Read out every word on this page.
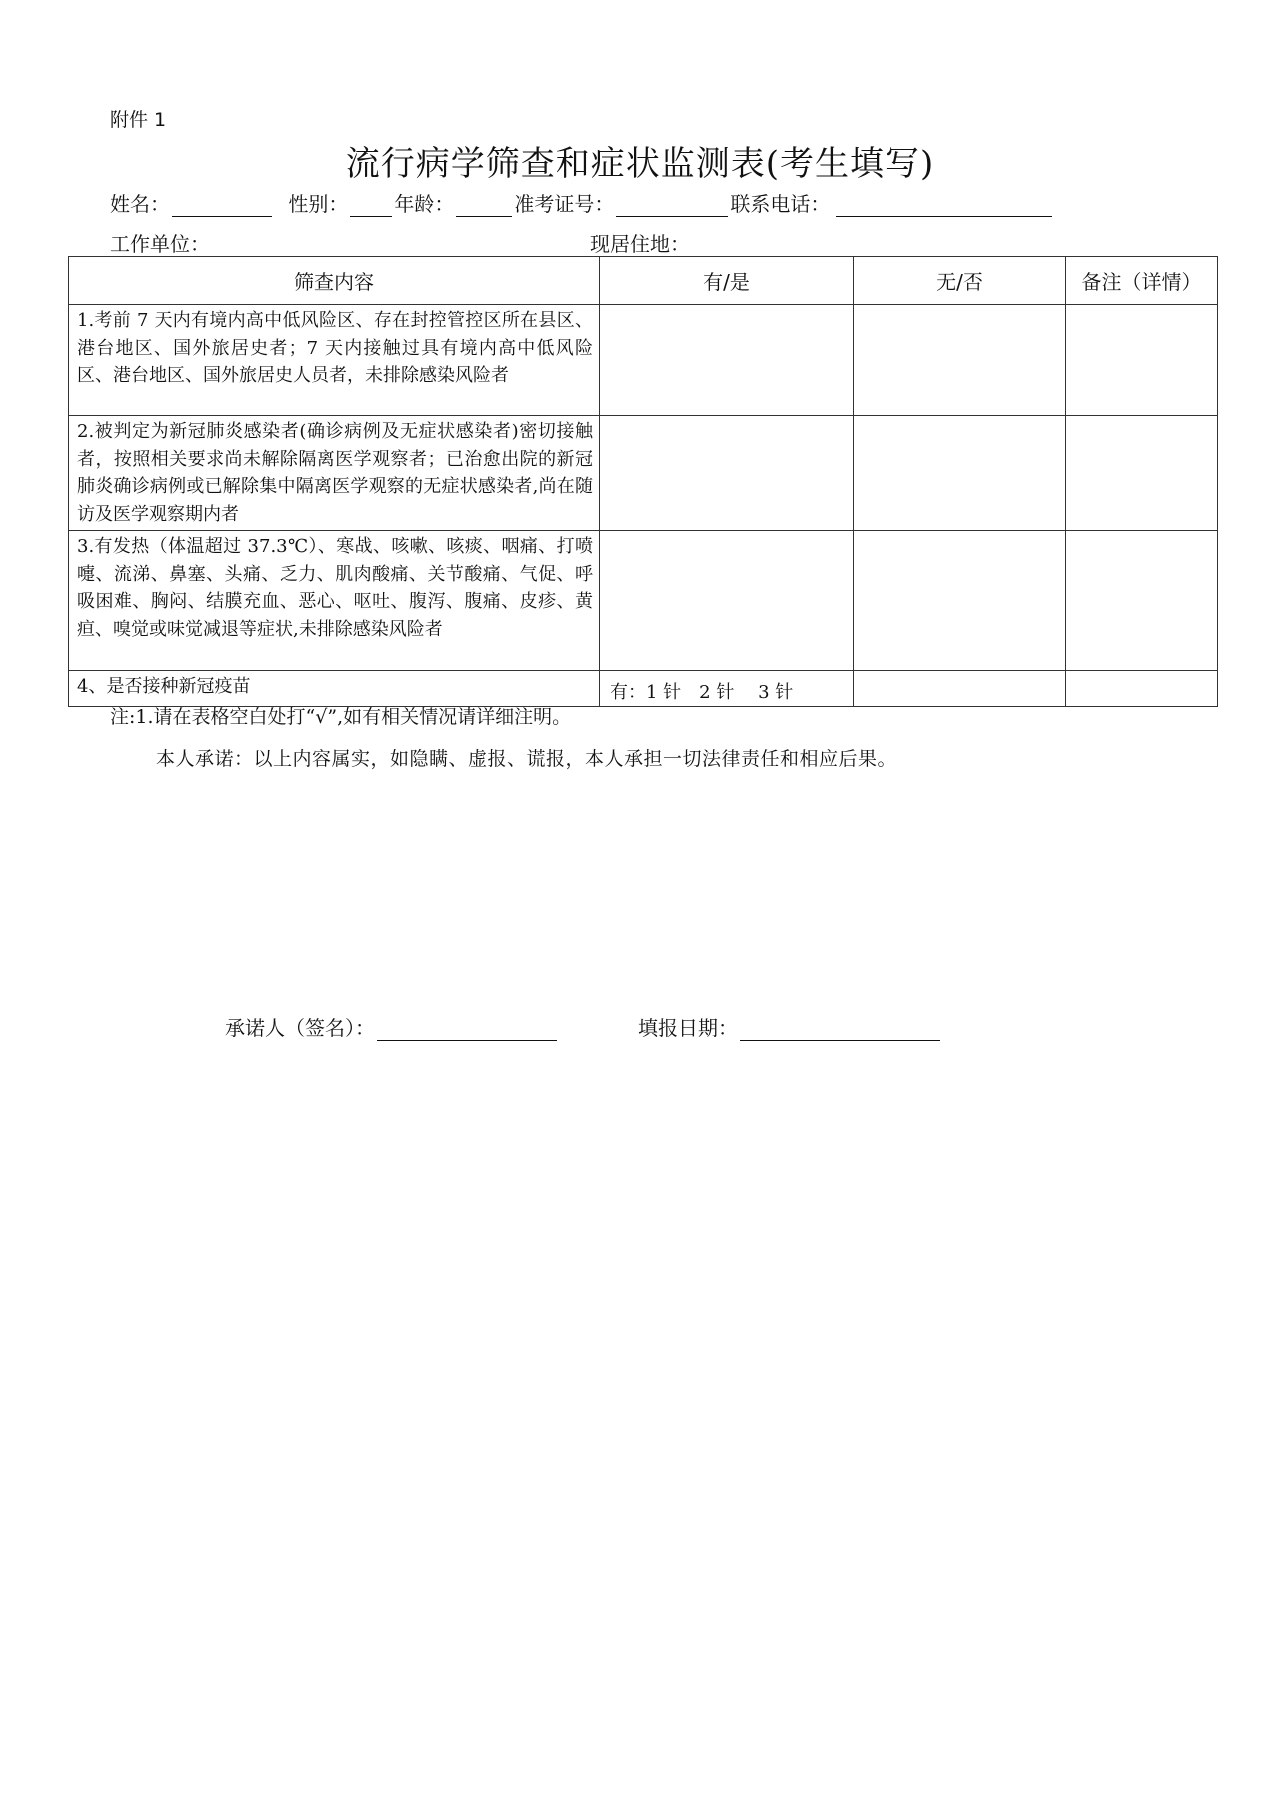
附件 1
流行病学筛查和症状监测表(考生填写)
姓名：	性别： 年龄：	准考证号：	联系电话：
工作单位：	现居住地：
筛查内容	有/是	无/否	备注（详情）
1.考前 7 天内有境内高中低风险区、存在封控管控区所在县区、港台地区、国外旅居史者；7 天内接触过具有境内高中低风险区、港台地区、国外旅居史人员者，未排除感染风险者			
2.被判定为新冠肺炎感染者(确诊病例及无症状感染者)密切接触者，按照相关要求尚未解除隔离医学观察者；已治愈出院的新冠肺炎确诊病例或已解除集中隔离医学观察的无症状感染者,尚在随访及医学观察期内者			
3.有发热（体温超过 37.3℃）、寒战、咳嗽、咳痰、咽痛、打喷嚏、流涕、鼻塞、头痛、乏力、肌肉酸痛、关节酸痛、气促、呼吸困难、胸闷、结膜充血、恶心、呕吐、腹泻、腹痛、皮疹、黄疸、嗅觉或味觉减退等症状,未排除感染风险者			
4、是否接种新冠疫苗	有：1 针　2 针　 3 针		
注:1.请在表格空白处打“√”,如有相关情况请详细注明。
本人承诺：以上内容属实，如隐瞒、虚报、谎报，本人承担一切法律责任和相应后果。
承诺人（签名）：	填报日期：
